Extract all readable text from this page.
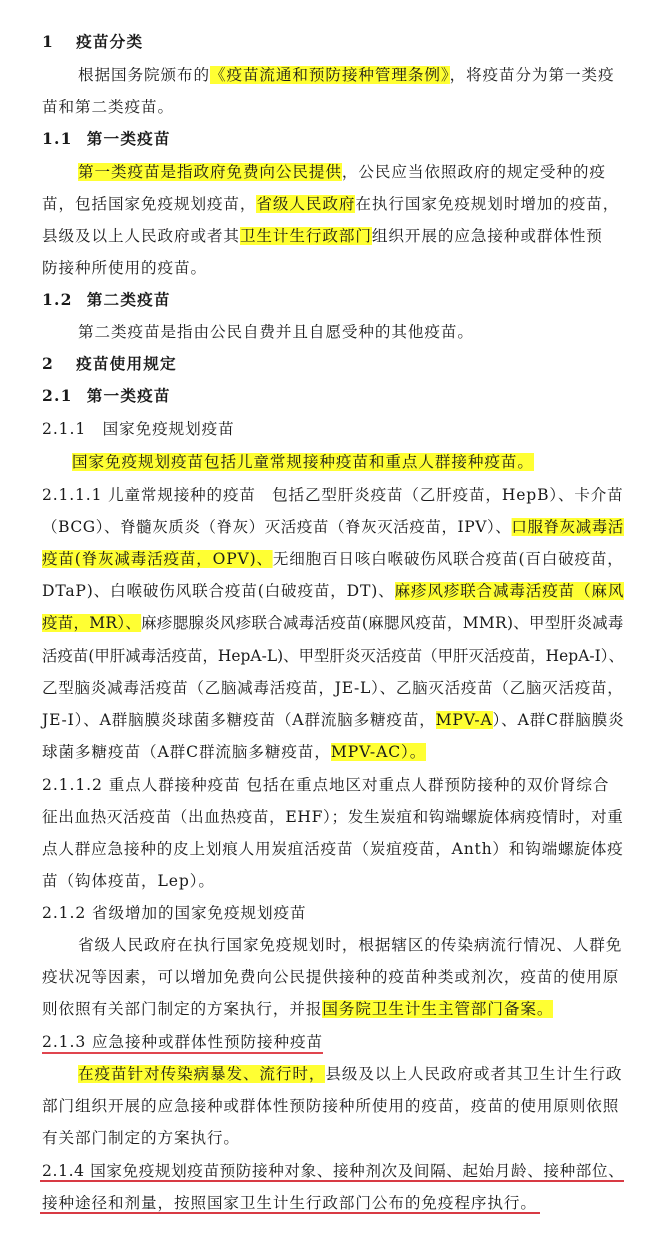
1 疫苗分类
根据国务院颁布的《疫苗流通和预防接种管理条例》，将疫苗分为第一类疫
苗和第二类疫苗。
1.1 第一类疫苗
第一类疫苗是指政府免费向公民提供，公民应当依照政府的规定受种的疫
苗，包括国家免疫规划疫苗，省级人民政府在执行国家免疫规划时增加的疫苗，
县级及以上人民政府或者其卫生计生行政部门组织开展的应急接种或群体性预
防接种所使用的疫苗。
1.2 第二类疫苗
第二类疫苗是指由公民自费并且自愿受种的其他疫苗。
2 疫苗使用规定
2.1 第一类疫苗
2.1.1　国家免疫规划疫苗
国家免疫规划疫苗包括儿童常规接种疫苗和重点人群接种疫苗。
2.1.1.1 儿童常规接种的疫苗　包括乙型肝炎疫苗（乙肝疫苗，HepB）、卡介苗
（BCG）、脊髓灰质炎（脊灰）灭活疫苗（脊灰灭活疫苗，IPV）、口服脊灰减毒活
疫苗(脊灰减毒活疫苗，OPV)、无细胞百日咳白喉破伤风联合疫苗(百白破疫苗，
DTaP)、白喉破伤风联合疫苗(白破疫苗，DT)、麻疹风疹联合减毒活疫苗（麻风
疫苗，MR）、麻疹腮腺炎风疹联合减毒活疫苗(麻腮风疫苗，MMR)、甲型肝炎减毒
活疫苗(甲肝减毒活疫苗，HepA-L)、甲型肝炎灭活疫苗（甲肝灭活疫苗，HepA-I）、
乙型脑炎减毒活疫苗（乙脑减毒活疫苗，JE-L）、乙脑灭活疫苗（乙脑灭活疫苗，
JE-I）、A群脑膜炎球菌多糖疫苗（A群流脑多糖疫苗，MPV-A）、A群C群脑膜炎
球菌多糖疫苗（A群C群流脑多糖疫苗，MPV-AC）。
2.1.1.2 重点人群接种疫苗 包括在重点地区对重点人群预防接种的双价肾综合
征出血热灭活疫苗（出血热疫苗，EHF）；发生炭疽和钩端螺旋体病疫情时，对重
点人群应急接种的皮上划痕人用炭疽活疫苗（炭疽疫苗，Anth）和钩端螺旋体疫
苗（钩体疫苗，Lep）。
2.1.2 省级增加的国家免疫规划疫苗
省级人民政府在执行国家免疫规划时，根据辖区的传染病流行情况、人群免
疫状况等因素，可以增加免费向公民提供接种的疫苗种类或剂次，疫苗的使用原
则依照有关部门制定的方案执行，并报国务院卫生计生主管部门备案。
2.1.3 应急接种或群体性预防接种疫苗
在疫苗针对传染病暴发、流行时，县级及以上人民政府或者其卫生计生行政
部门组织开展的应急接种或群体性预防接种所使用的疫苗，疫苗的使用原则依照
有关部门制定的方案执行。
2.1.4 国家免疫规划疫苗预防接种对象、接种剂次及间隔、起始月龄、接种部位、
接种途径和剂量，按照国家卫生计生行政部门公布的免疫程序执行。
